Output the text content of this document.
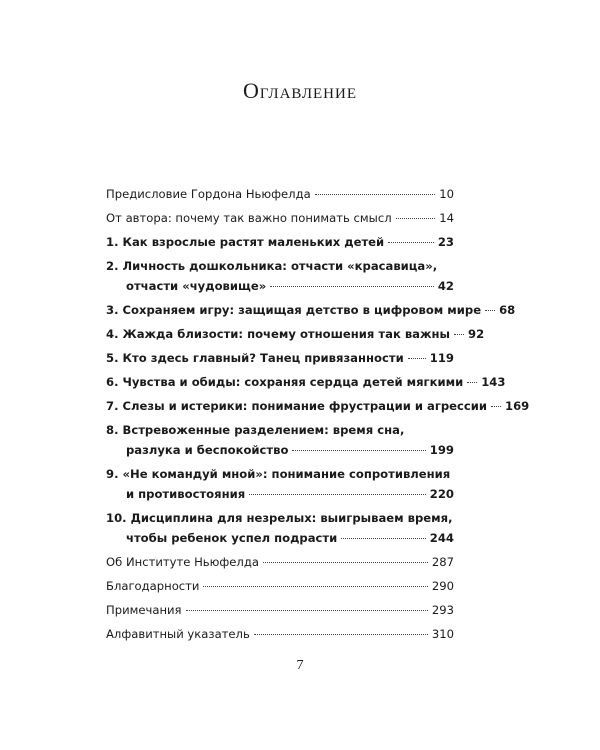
Оглавление
Предисловие Гордона Ньюфелда	10
От автора: почему так важно понимать смысл	14
1. Как взрослые растят маленьких детей	23
2. Личность дошкольника: отчасти «красавица»,
отчасти «чудовище»	42
3. Сохраняем игру: защищая детство в цифровом мире 68
4. Жажда близости: почему отношения так важны 92
5. Кто здесь главный? Танец привязанности 119
6. Чувства и обиды: сохраняя сердца детей мягкими 143
7. Слезы и истерики: понимание фрустрации и агрессии 169
8. Встревоженные разделением: время сна,
разлука и беспокойство	199
9. «Не командуй мной»: понимание сопротивления
и противостояния	220
10. Дисциплина для незрелых: выигрываем время,
чтобы ребенок успел подрасти	244
Об Институте Ньюфелда	287
Благодарности	290
Примечания	293
Алфавитный указатель	310
7
